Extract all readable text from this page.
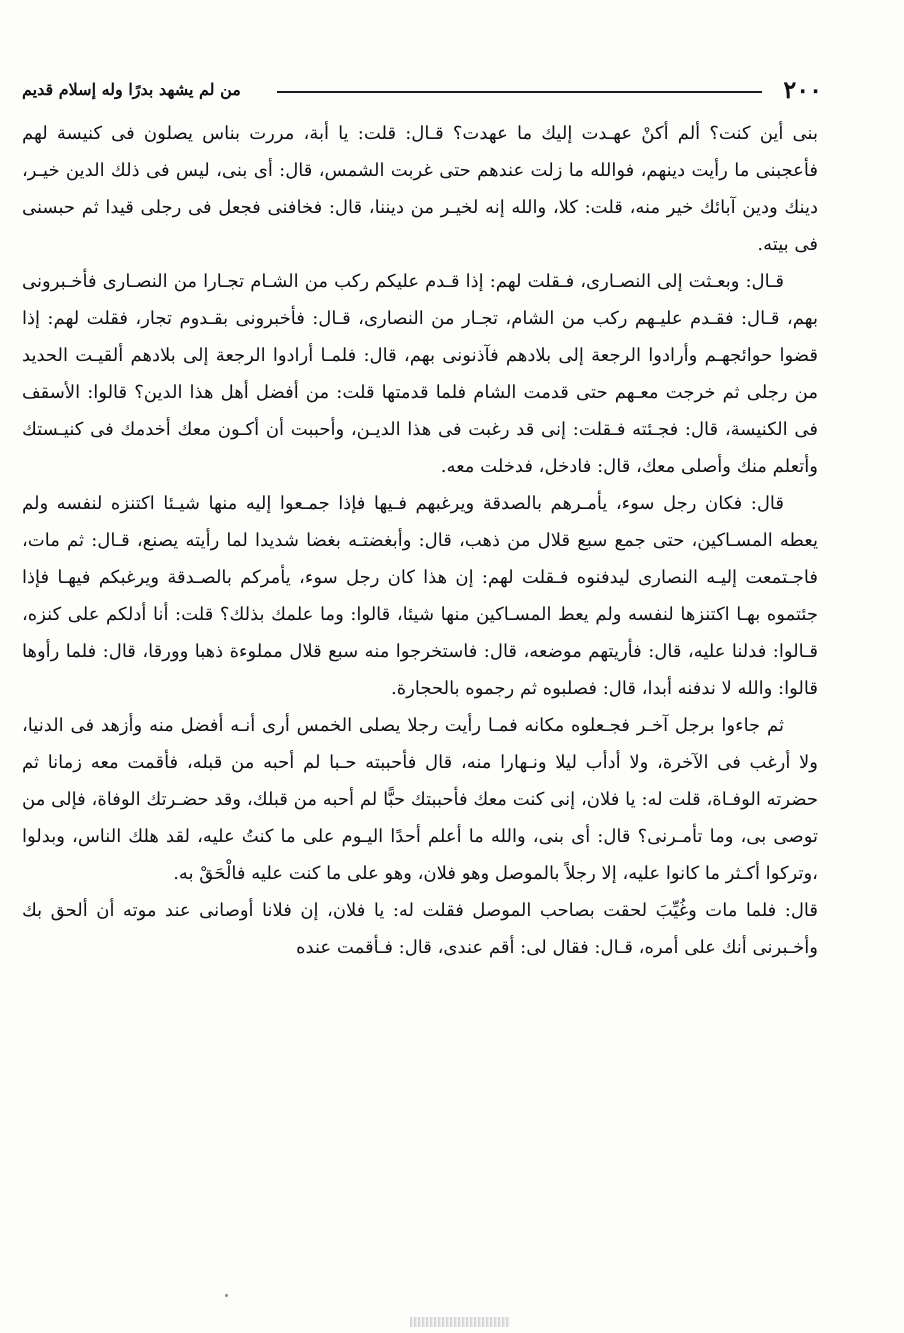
٢٠٠
من لم يشهد بدرًا وله إسلام قديم

بنى أين كنت؟ ألم أكنْ عهـدت إليك ما عهدت؟ قـال: قلت: يا أبة، مررت بناس يصلون فى كنيسة لهم فأعجبنى ما رأيت دينهم، فوالله ما زلت عندهم حتى غربت الشمس، قال: أى بنى، ليس فى ذلك الدين خيـر، دينك ودين آبائك خير منه، قلت: كلا، والله إنه لخيـر من ديننا، قال: فخافنى فجعل فى رجلى قيدا ثم حبسنى فى بيته.

قـال: وبعـثت إلى النصـارى، فـقلت لهم: إذا قـدم عليكم ركب من الشـام تجـارا من النصـارى فأخـبرونى بهم، قـال: فقـدم عليـهم ركب من الشام، تجـار من النصارى، قـال: فأخبرونى بقـدوم تجار، فقلت لهم: إذا قضوا حوائجهـم وأرادوا الرجعة إلى بلادهم فآذنونى بهم، قال: فلمـا أرادوا الرجعة إلى بلادهم ألقيـت الحديد من رجلى ثم خرجت معـهم حتى قدمت الشام فلما قدمتها قلت: من أفضل أهل هذا الدين؟ قالوا: الأسقف فى الكنيسة، قال: فجـئته فـقلت: إنى قد رغبت فى هذا الديـن، وأحببت أن أكـون معك أخدمك فى كنيـستك وأتعلم منك وأصلى معك، قال: فادخل، فدخلت معه.

قال: فكان رجل سوء، يأمـرهم بالصدقة ويرغبهم فـيها فإذا جمـعوا إليه منها شيـئا اكتنزه لنفسه ولم يعطه المسـاكين، حتى جمع سبع قلال من ذهب، قال: وأبغضتـه بغضا شديدا لما رأيته يصنع، قـال: ثم مات، فاجـتمعت إليـه النصارى ليدفنوه فـقلت لهم: إن هذا كان رجل سوء، يأمركم بالصـدقة ويرغبكم فيهـا فإذا جئتموه بهـا اكتنزها لنفسه ولم يعط المسـاكين منها شيئا، قالوا: وما علمك بذلك؟ قلت: أنا أدلكم على كنزه، قـالوا: فدلنا عليه، قال: فأريتهم موضعه، قال: فاستخرجوا منه سبع قلال مملوءة ذهبا وورقا، قال: فلما رأوها قالوا: والله لا ندفنه أبدا، قال: فصلبوه ثم رجموه بالحجارة.

ثم جاءوا برجل آخـر فجـعلوه مكانه فمـا رأيت رجلا يصلى الخمس أرى أنـه أفضل منه وأزهد فى الدنيا، ولا أرغب فى الآخرة، ولا أدأب ليلا ونـهارا منه، قال فأحببته حـبا لم أحبه من قبله، فأقمت معه زمانا ثم حضرته الوفـاة، قلت له: يا فلان، إنى كنت معك فأحببتك حبًّا لم أحبه من قبلك، وقد حضـرتك الوفاة، فإلى من توصى بى، وما تأمـرنى؟ قال: أى بنى، والله ما أعلم أحدًا اليـوم على ما كنتُ عليه، لقد هلك الناس، وبدلوا ،وتركوا أكـثر ما كانوا عليه، إلا رجلاً بالموصل وهو فلان، وهو على ما كنت عليه فالْحَقْ به.

قال: فلما مات وغُيِّبَ لحقت بصاحب الموصل فقلت له: يا فلان، إن فلانا أوصانى عند موته أن ألحق بك وأخـبرنى أنك على أمره، قـال: فقال لى: أقم عندى، قال: فـأقمت عنده
